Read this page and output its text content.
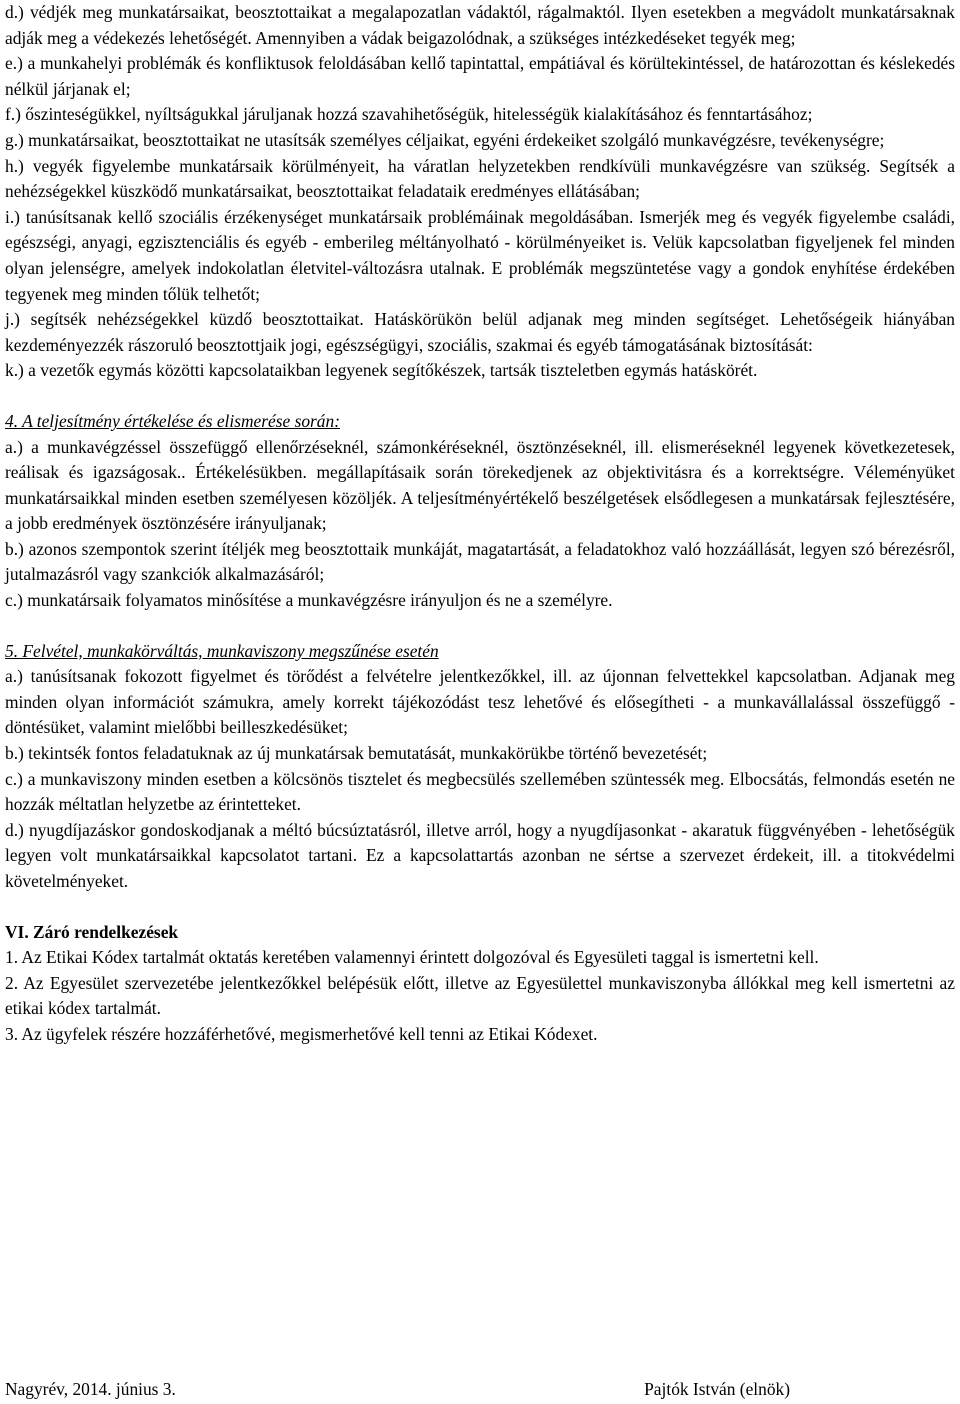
d.) védjék meg munkatársaikat, beosztottaikat a megalapozatlan vádaktól, rágalmaktól. Ilyen esetekben a megvádolt munkatársaknak adják meg a védekezés lehetőségét. Amennyiben a vádak beigazolódnak, a szükséges intézkedéseket tegyék meg;

e.) a munkahelyi problémák és konfliktusok feloldásában kellő tapintattal, empátiával és körültekintéssel, de határozottan és késlekedés nélkül járjanak el;

f.) őszinteségükkel, nyíltságukkal járuljanak hozzá szavahihetőségük, hitelességük kialakításához és fenntartásához;

g.) munkatársaikat, beosztottaikat ne utasítsák személyes céljaikat, egyéni érdekeiket szolgáló munkavégzésre, tevékenységre;

h.) vegyék figyelembe munkatársaik körülményeit, ha váratlan helyzetekben rendkívüli munkavégzésre van szükség. Segítsék a nehézségekkel küszködő munkatársaikat, beosztottaikat feladataik eredményes ellátásában;

i.) tanúsítsanak kellő szociális érzékenységet munkatársaik problémáinak megoldásában. Ismerjék meg és vegyék figyelembe családi, egészségi, anyagi, egzisztenciális és egyéb - emberileg méltányolható - körülményeiket is. Velük kapcsolatban figyeljenek fel minden olyan jelenségre, amelyek indokolatlan életvitel-változásra utalnak. E problémák megszüntetése vagy a gondok enyhítése érdekében tegyenek meg minden tőlük telhetőt;

j.) segítsék nehézségekkel küzdő beosztottaikat. Hatáskörükön belül adjanak meg minden segítséget. Lehetőségeik hiányában kezdeményezzék rászoruló beosztottjaik jogi, egészségügyi, szociális, szakmai és egyéb támogatásának biztosítását:

k.) a vezetők egymás közötti kapcsolataikban legyenek segítőkészek, tartsák tiszteletben egymás hatáskörét.

4. A teljesítmény értékelése és elismerése során:

a.) a munkavégzéssel összefüggő ellenőrzéseknél, számonkéréseknél, ösztönzéseknél, ill. elismeréseknél legyenek következetesek, reálisak és igazságosak.. Értékelésükben. megállapításaik során törekedjenek az objektivitásra és a korrektségre. Véleményüket munkatársaikkal minden esetben személyesen közöljék. A teljesítményértékelő beszélgetések elsődlegesen a munkatársak fejlesztésére, a jobb eredmények ösztönzésére irányuljanak;

b.) azonos szempontok szerint ítéljék meg beosztottaik munkáját, magatartását, a feladatokhoz való hozzáállását, legyen szó bérezésről, jutalmazásról vagy szankciók alkalmazásáról;

c.) munkatársaik folyamatos minősítése a munkavégzésre irányuljon és ne a személyre.

5. Felvétel, munkakörváltás, munkaviszony megszűnése esetén

a.) tanúsítsanak fokozott figyelmet és törődést a felvételre jelentkezőkkel, ill. az újonnan felvettekkel kapcsolatban. Adjanak meg minden olyan információt számukra, amely korrekt tájékozódást tesz lehetővé és elősegítheti - a munkavállalással összefüggő - döntésüket, valamint mielőbbi beilleszkedésüket;

b.) tekintsék fontos feladatuknak az új munkatársak bemutatását, munkakörükbe történő bevezetését;

c.) a munkaviszony minden esetben a kölcsönös tisztelet és megbecsülés szellemében szüntessék meg. Elbocsátás, felmondás esetén ne hozzák méltatlan helyzetbe az érintetteket.

d.) nyugdíjazáskor gondoskodjanak a méltó búcsúztatásról, illetve arról, hogy a nyugdíjasonkat - akaratuk függvényében - lehetőségük legyen volt munkatársaikkal kapcsolatot tartani. Ez a kapcsolattartás azonban ne sértse a szervezet érdekeit, ill. a titokvédelmi követelményeket.

VI. Záró rendelkezések

1. Az Etikai Kódex tartalmát oktatás keretében valamennyi érintett dolgozóval és Egyesületi taggal is ismertetni kell.

2. Az Egyesület szervezetébe jelentkezőkkel belépésük előtt, illetve az Egyesülettel munkaviszonyba állókkal meg kell ismertetni az etikai kódex tartalmát.

3. Az ügyfelek részére hozzáférhetővé, megismerhetővé kell tenni az Etikai Kódexet.

Nagyrév, 2014. június 3.	Pajtók István (elnök)
